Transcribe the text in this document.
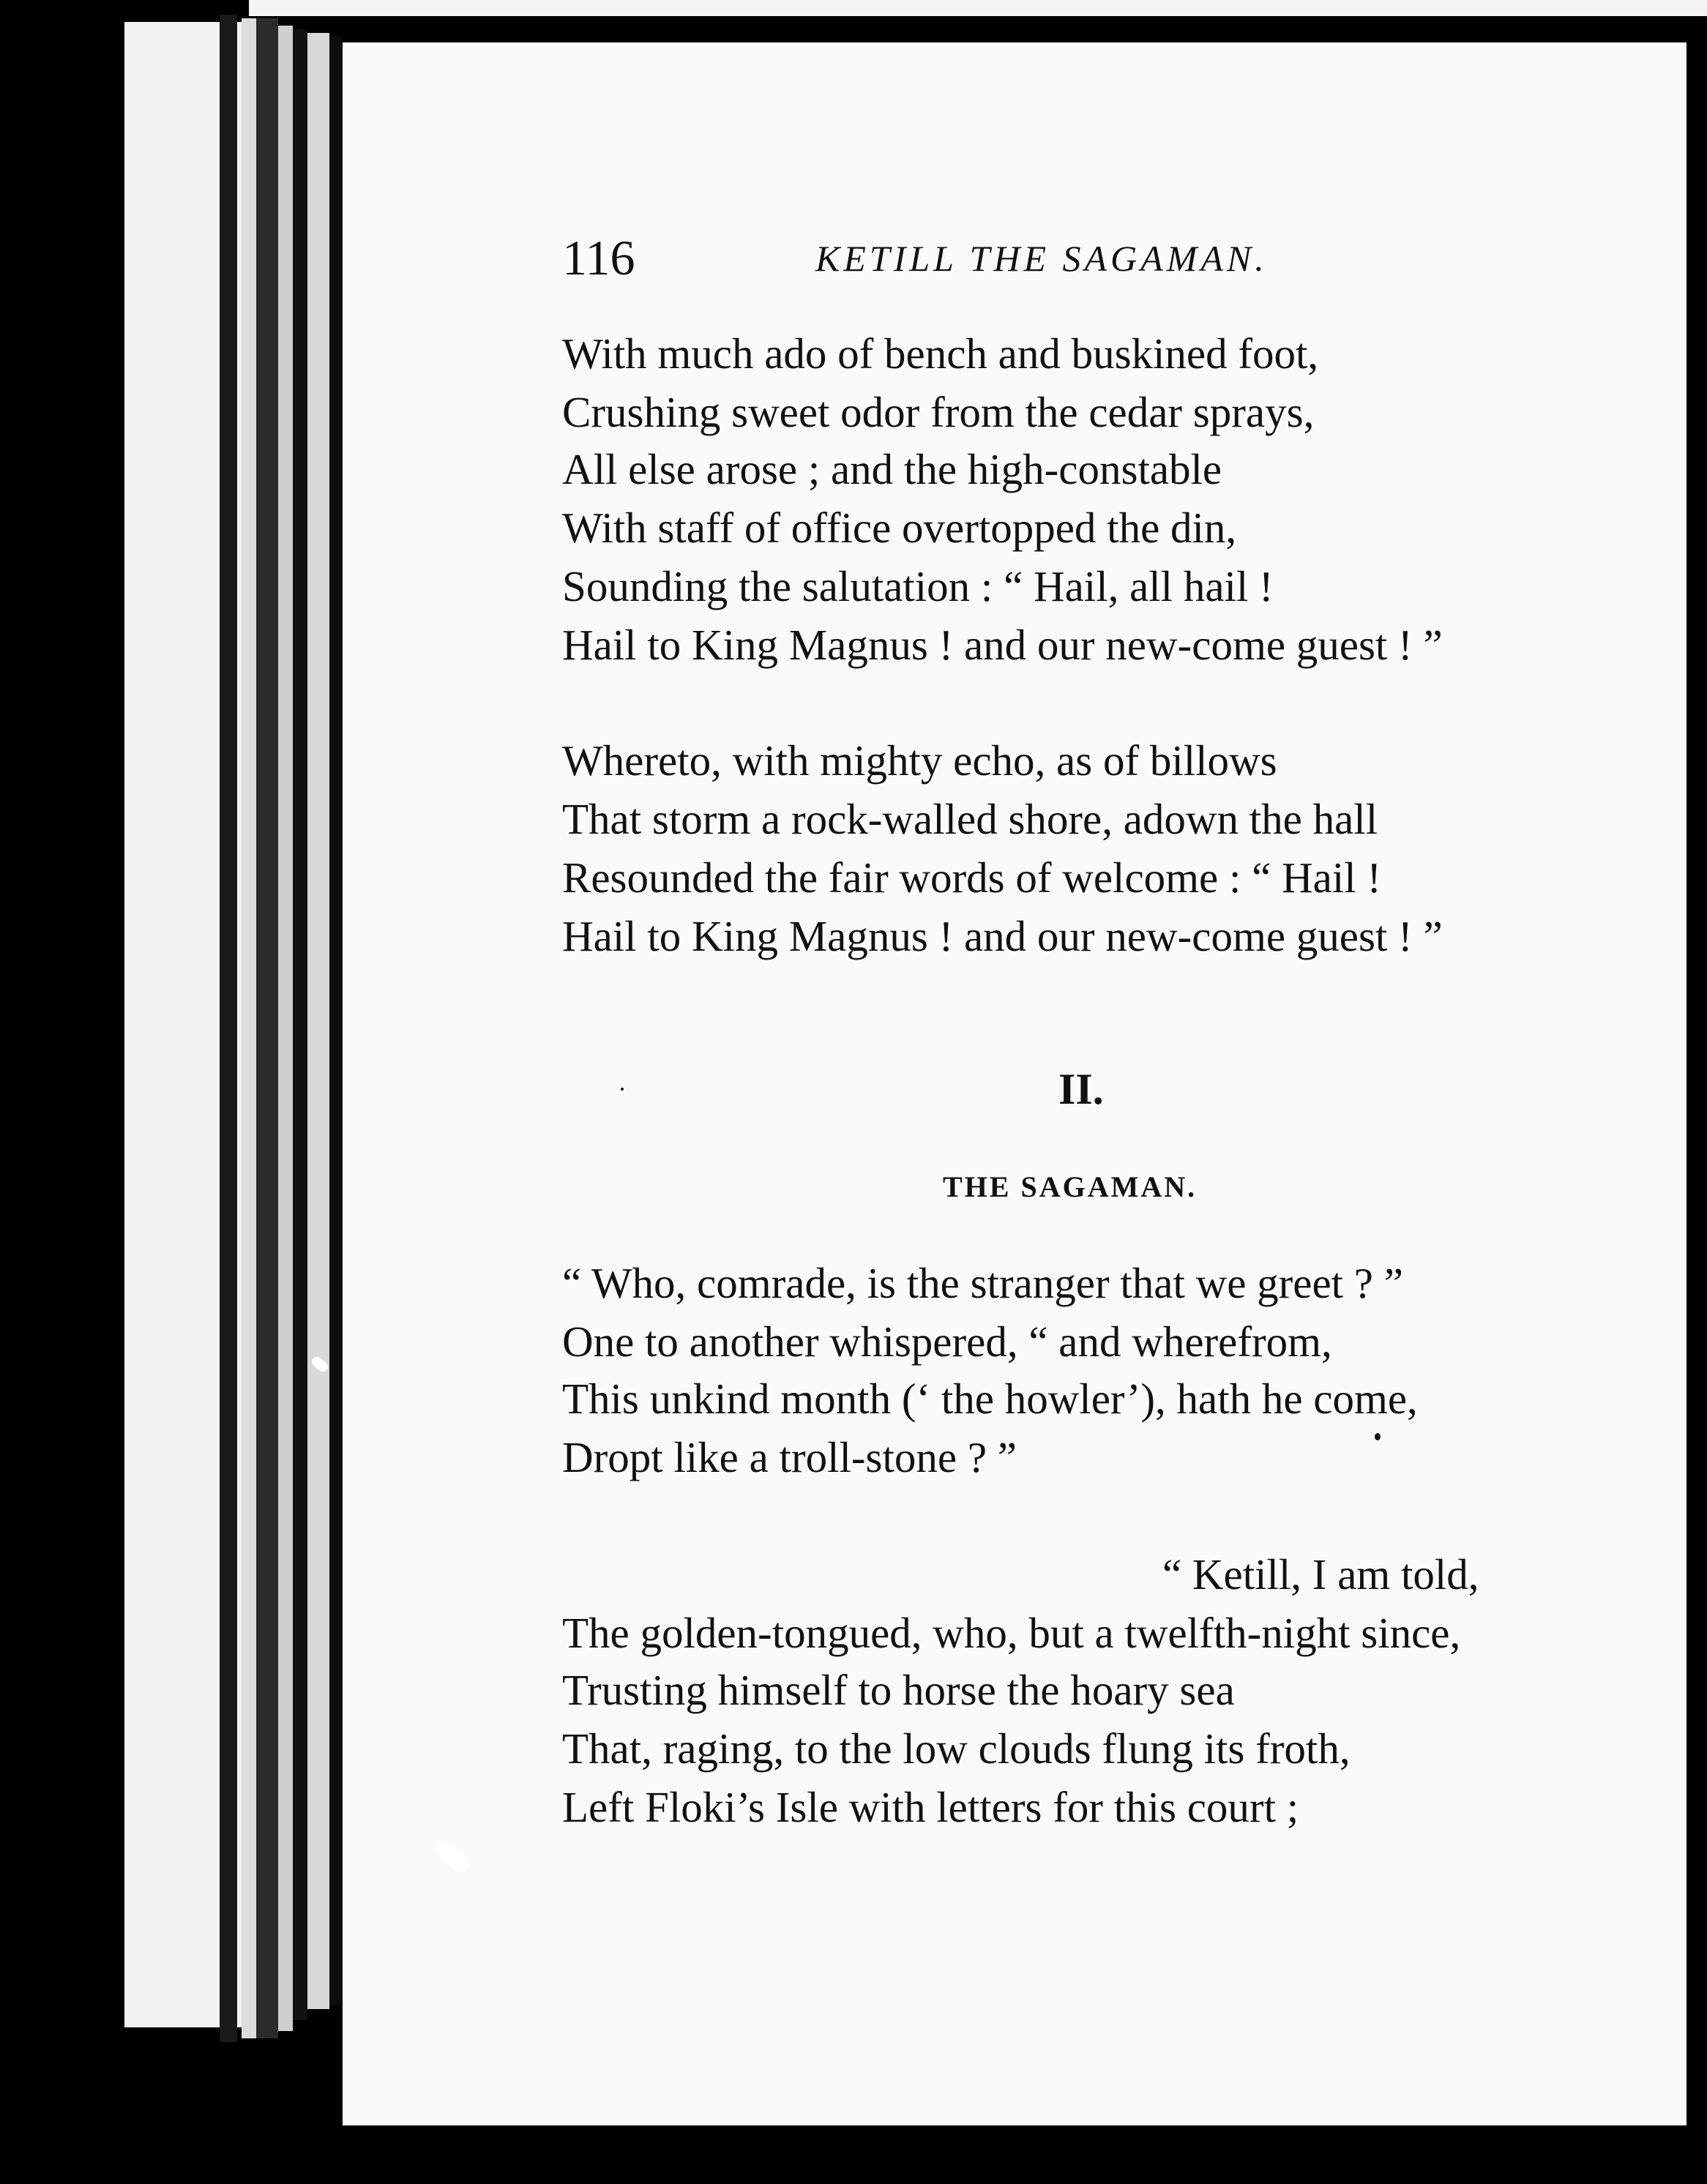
116	KETILL THE SAGAMAN.
With much ado of bench and buskined foot,
Crushing sweet odor from the cedar sprays,
All else arose ; and the high-constable
With staff of office overtopped the din,
Sounding the salutation : “ Hail, all hail !
Hail to King Magnus ! and our new-come guest ! ”
Whereto, with mighty echo, as of billows
That storm a rock-walled shore, adown the hall
Resounded the fair words of welcome : “ Hail !
Hail to King Magnus ! and our new-come guest ! ”
II.
THE SAGAMAN.
“ Who, comrade, is the stranger that we greet ? ”
One to another whispered, “ and wherefrom,
This unkind month (‘ the howler’), hath he come,
Dropt like a troll-stone ? ”
“ Ketill, I am told,
The golden-tongued, who, but a twelfth-night since,
Trusting himself to horse the hoary sea
That, raging, to the low clouds flung its froth,
Left Floki’s Isle with letters for this court ;
